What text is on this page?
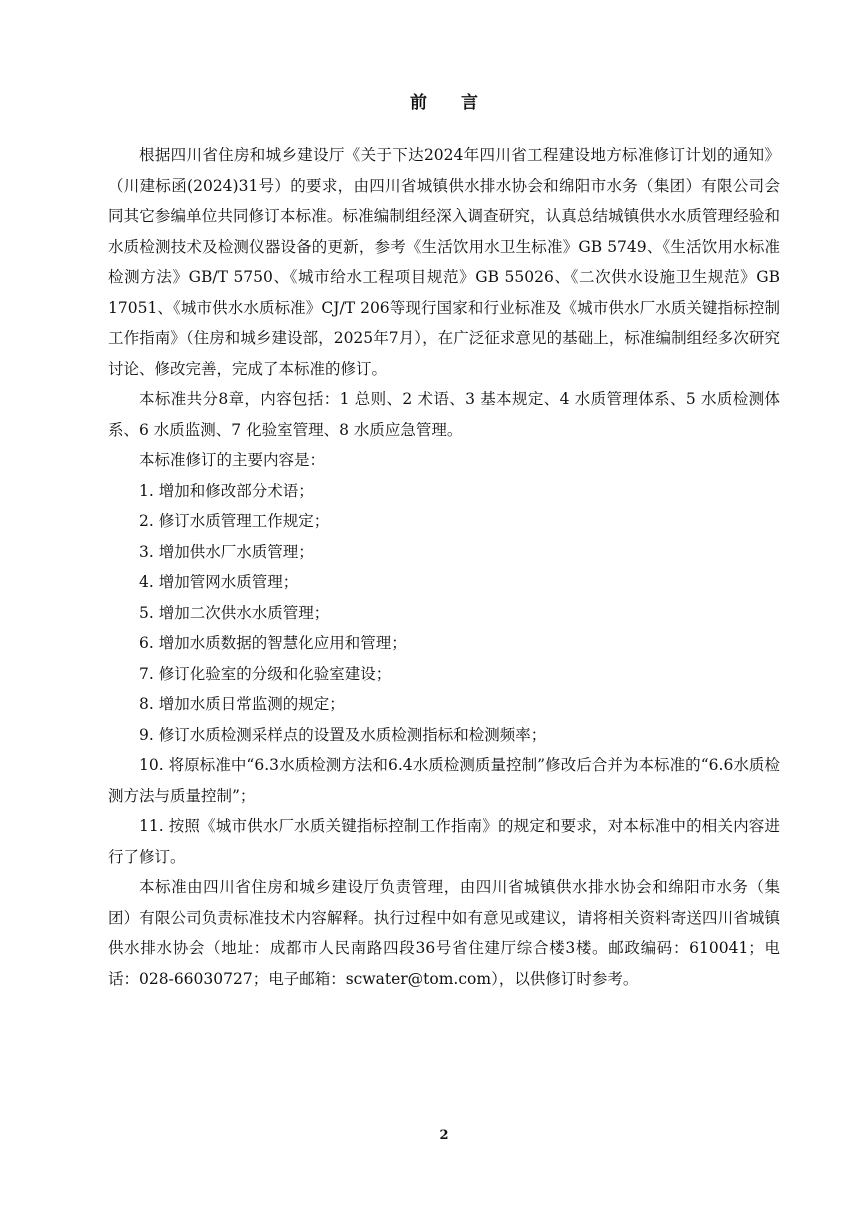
前 言

根据四川省住房和城乡建设厅《关于下达2024年四川省工程建设地方标准修订计划的通知》（川建标函(2024)31号）的要求，由四川省城镇供水排水协会和绵阳市水务（集团）有限公司会同其它参编单位共同修订本标准。标准编制组经深入调查研究，认真总结城镇供水水质管理经验和水质检测技术及检测仪器设备的更新，参考《生活饮用水卫生标准》GB 5749、《生活饮用水标准检测方法》GB/T 5750、《城市给水工程项目规范》GB 55026、《二次供水设施卫生规范》GB 17051、《城市供水水质标准》CJ/T 206等现行国家和行业标准及《城市供水厂水质关键指标控制工作指南》（住房和城乡建设部，2025年7月），在广泛征求意见的基础上，标准编制组经多次研究讨论、修改完善，完成了本标准的修订。

本标准共分8章，内容包括：1 总则、2 术语、3 基本规定、4 水质管理体系、5 水质检测体系、6 水质监测、7 化验室管理、8 水质应急管理。

本标准修订的主要内容是：

1. 增加和修改部分术语；

2. 修订水质管理工作规定；

3. 增加供水厂水质管理；

4. 增加管网水质管理；

5. 增加二次供水水质管理；

6. 增加水质数据的智慧化应用和管理；

7. 修订化验室的分级和化验室建设；

8. 增加水质日常监测的规定；

9. 修订水质检测采样点的设置及水质检测指标和检测频率；

10. 将原标准中“6.3水质检测方法和6.4水质检测质量控制”修改后合并为本标准的“6.6水质检测方法与质量控制”；

11. 按照《城市供水厂水质关键指标控制工作指南》的规定和要求，对本标准中的相关内容进行了修订。

本标准由四川省住房和城乡建设厅负责管理，由四川省城镇供水排水协会和绵阳市水务（集团）有限公司负责标准技术内容解释。执行过程中如有意见或建议，请将相关资料寄送四川省城镇供水排水协会（地址：成都市人民南路四段36号省住建厅综合楼3楼。邮政编码：610041；电话：028-66030727；电子邮箱：scwater@tom.com），以供修订时参考。

2
